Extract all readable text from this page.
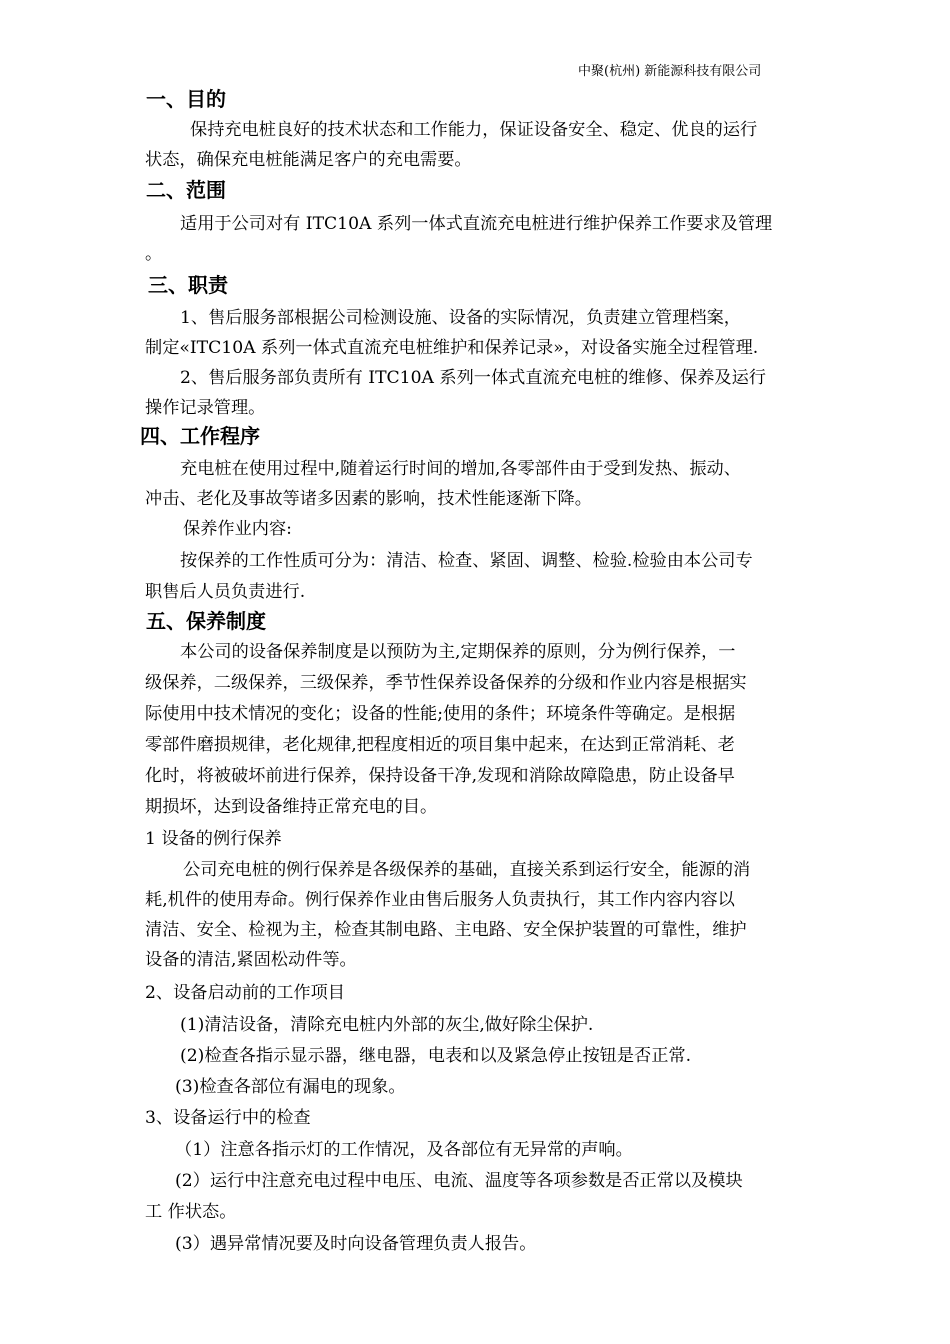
中聚(杭州) 新能源科技有限公司
一、目的
保持充电桩良好的技术状态和工作能力，保证设备安全、稳定、优良的运行
状态，确保充电桩能满足客户的充电需要。
二、范围
适用于公司对有 ITC10A 系列一体式直流充电桩进行维护保养工作要求及管理
。
三、职责
1、售后服务部根据公司检测设施、设备的实际情况，负责建立管理档案，
制定«ITC10A 系列一体式直流充电桩维护和保养记录»，对设备实施全过程管理.
2、售后服务部负责所有 ITC10A 系列一体式直流充电桩的维修、保养及运行
操作记录管理。
四、工作程序
充电桩在使用过程中,随着运行时间的增加,各零部件由于受到发热、振动、
冲击、老化及事故等诸多因素的影响，技术性能逐渐下降。
保养作业内容:
按保养的工作性质可分为：清洁、检查、紧固、调整、检验.检验由本公司专
职售后人员负责进行.
五、保养制度
本公司的设备保养制度是以预防为主,定期保养的原则，分为例行保养，一
级保养，二级保养，三级保养，季节性保养设备保养的分级和作业内容是根据实
际使用中技术情况的变化；设备的性能;使用的条件；环境条件等确定。是根据
零部件磨损规律，老化规律,把程度相近的项目集中起来，在达到正常消耗、老
化时，将被破坏前进行保养，保持设备干净,发现和消除故障隐患，防止设备早
期损坏，达到设备维持正常充电的目。
1 设备的例行保养
公司充电桩的例行保养是各级保养的基础，直接关系到运行安全，能源的消
耗,机件的使用寿命。例行保养作业由售后服务人负责执行，其工作内容内容以
清洁、安全、检视为主，检查其制电路、主电路、安全保护装置的可靠性，维护
设备的清洁,紧固松动件等。
2、设备启动前的工作项目
(1)清洁设备，清除充电桩内外部的灰尘,做好除尘保护.
(2)检查各指示显示器，继电器，电表和以及紧急停止按钮是否正常.
(3)检查各部位有漏电的现象。
3、设备运行中的检查
（1）注意各指示灯的工作情况，及各部位有无异常的声响。
(2）运行中注意充电过程中电压、电流、温度等各项参数是否正常以及模块
工 作状态。
(3）遇异常情况要及时向设备管理负责人报告。
